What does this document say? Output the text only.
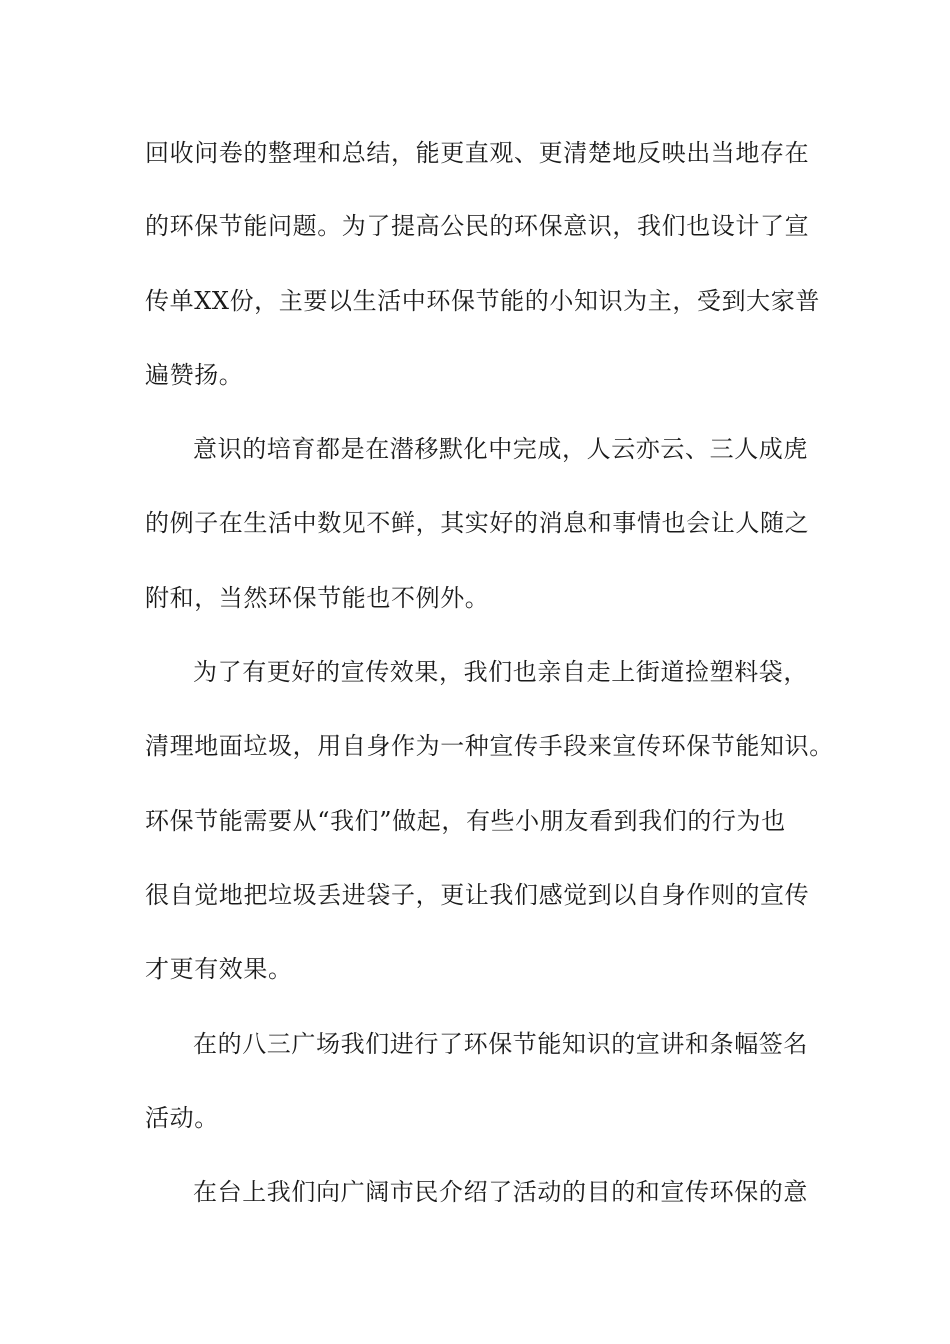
回收问卷的整理和总结，能更直观、更清楚地反映出当地存在
的环保节能问题。为了提高公民的环保意识，我们也设计了宣
传单XX份，主要以生活中环保节能的小知识为主，受到大家普
遍赞扬。
意识的培育都是在潜移默化中完成，人云亦云、三人成虎
的例子在生活中数见不鲜，其实好的消息和事情也会让人随之
附和，当然环保节能也不例外。
为了有更好的宣传效果，我们也亲自走上街道捡塑料袋，
清理地面垃圾，用自身作为一种宣传手段来宣传环保节能知识。
环保节能需要从“我们”做起，有些小朋友看到我们的行为也
很自觉地把垃圾丢进袋子，更让我们感觉到以自身作则的宣传
才更有效果。
在的八三广场我们进行了环保节能知识的宣讲和条幅签名
活动。
在台上我们向广阔市民介绍了活动的目的和宣传环保的意
